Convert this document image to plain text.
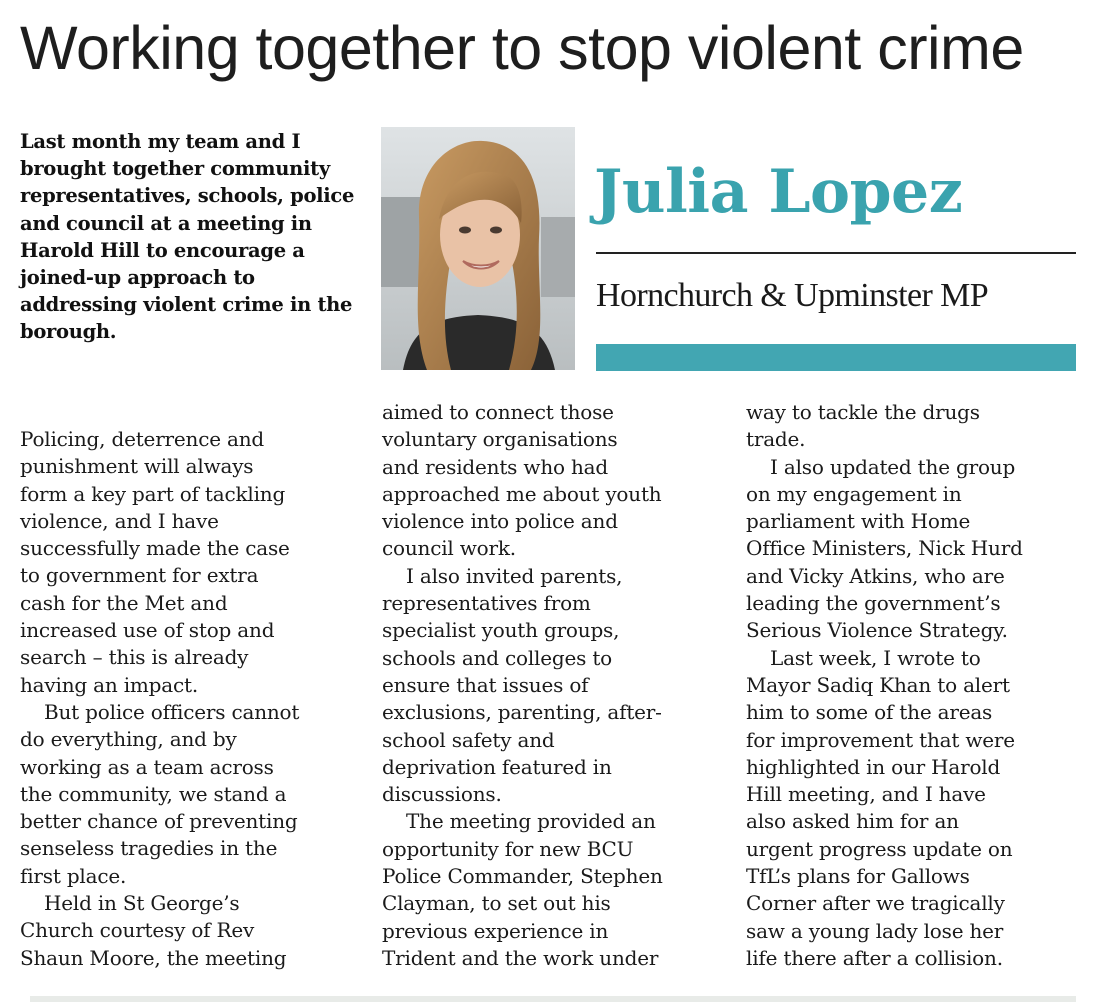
Working together to stop violent crime
Last month my team and I brought together community representatives, schools, police and council at a meeting in Harold Hill to encourage a joined-up approach to addressing violent crime in the borough.
Julia Lopez
Hornchurch & Upminster MP
Policing, deterrence and
punishment will always
form a key part of tackling
violence, and I have
successfully made the case
to government for extra
cash for the Met and
increased use of stop and
search – this is already
having an impact.
But police officers cannot
do everything, and by
working as a team across
the community, we stand a
better chance of preventing
senseless tragedies in the
first place.
Held in St George’s
Church courtesy of Rev
Shaun Moore, the meeting
aimed to connect those
voluntary organisations
and residents who had
approached me about youth
violence into police and
council work.
I also invited parents,
representatives from
specialist youth groups,
schools and colleges to
ensure that issues of
exclusions, parenting, after-
school safety and
deprivation featured in
discussions.
The meeting provided an
opportunity for new BCU
Police Commander, Stephen
Clayman, to set out his
previous experience in
Trident and the work under
way to tackle the drugs
trade.
I also updated the group
on my engagement in
parliament with Home
Office Ministers, Nick Hurd
and Vicky Atkins, who are
leading the government’s
Serious Violence Strategy.
Last week, I wrote to
Mayor Sadiq Khan to alert
him to some of the areas
for improvement that were
highlighted in our Harold
Hill meeting, and I have
also asked him for an
urgent progress update on
TfL’s plans for Gallows
Corner after we tragically
saw a young lady lose her
life there after a collision.
